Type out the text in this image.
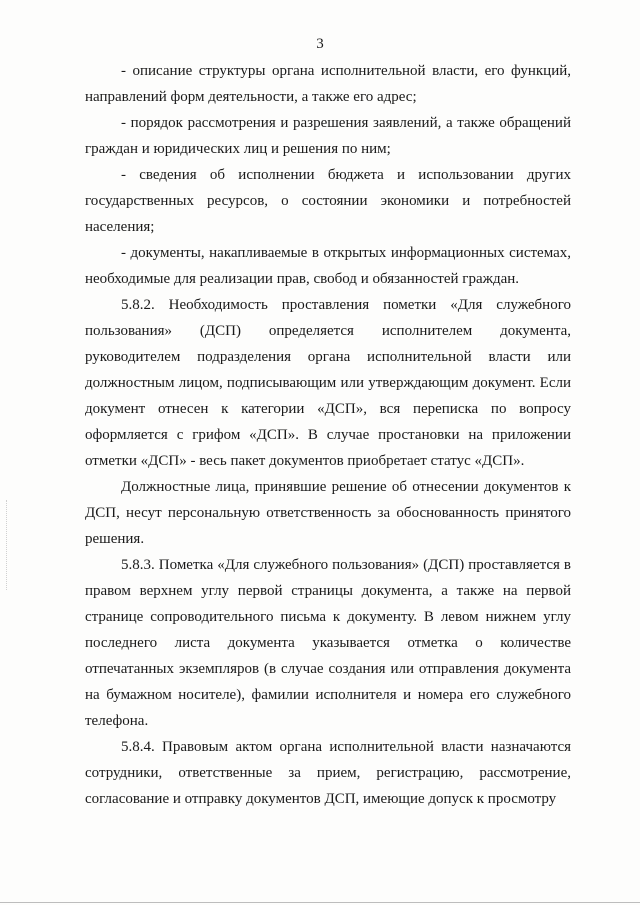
3

- описание структуры органа исполнительной власти, его функций, направлений форм деятельности, а также его адрес;

- порядок рассмотрения и разрешения заявлений, а также обращений граждан и юридических лиц и решения по ним;

- сведения об исполнении бюджета и использовании других государственных ресурсов, о состоянии экономики и потребностей населения;

- документы, накапливаемые в открытых информационных системах, необходимые для реализации прав, свобод и обязанностей граждан.

5.8.2. Необходимость проставления пометки «Для служебного пользования» (ДСП) определяется исполнителем документа, руководителем подразделения органа исполнительной власти или должностным лицом, подписывающим или утверждающим документ. Если документ отнесен к категории «ДСП», вся переписка по вопросу оформляется с грифом «ДСП». В случае простановки на приложении отметки «ДСП» - весь пакет документов приобретает статус «ДСП».

Должностные лица, принявшие решение об отнесении документов к ДСП, несут персональную ответственность за обоснованность принятого решения.

5.8.3. Пометка «Для служебного пользования» (ДСП) проставляется в правом верхнем углу первой страницы документа, а также на первой странице сопроводительного письма к документу. В левом нижнем углу последнего листа документа указывается отметка о количестве отпечатанных экземпляров (в случае создания или отправления документа на бумажном носителе), фамилии исполнителя и номера его служебного телефона.

5.8.4. Правовым актом органа исполнительной власти назначаются сотрудники, ответственные за прием, регистрацию, рассмотрение, согласование и отправку документов ДСП, имеющие допуск к просмотру
